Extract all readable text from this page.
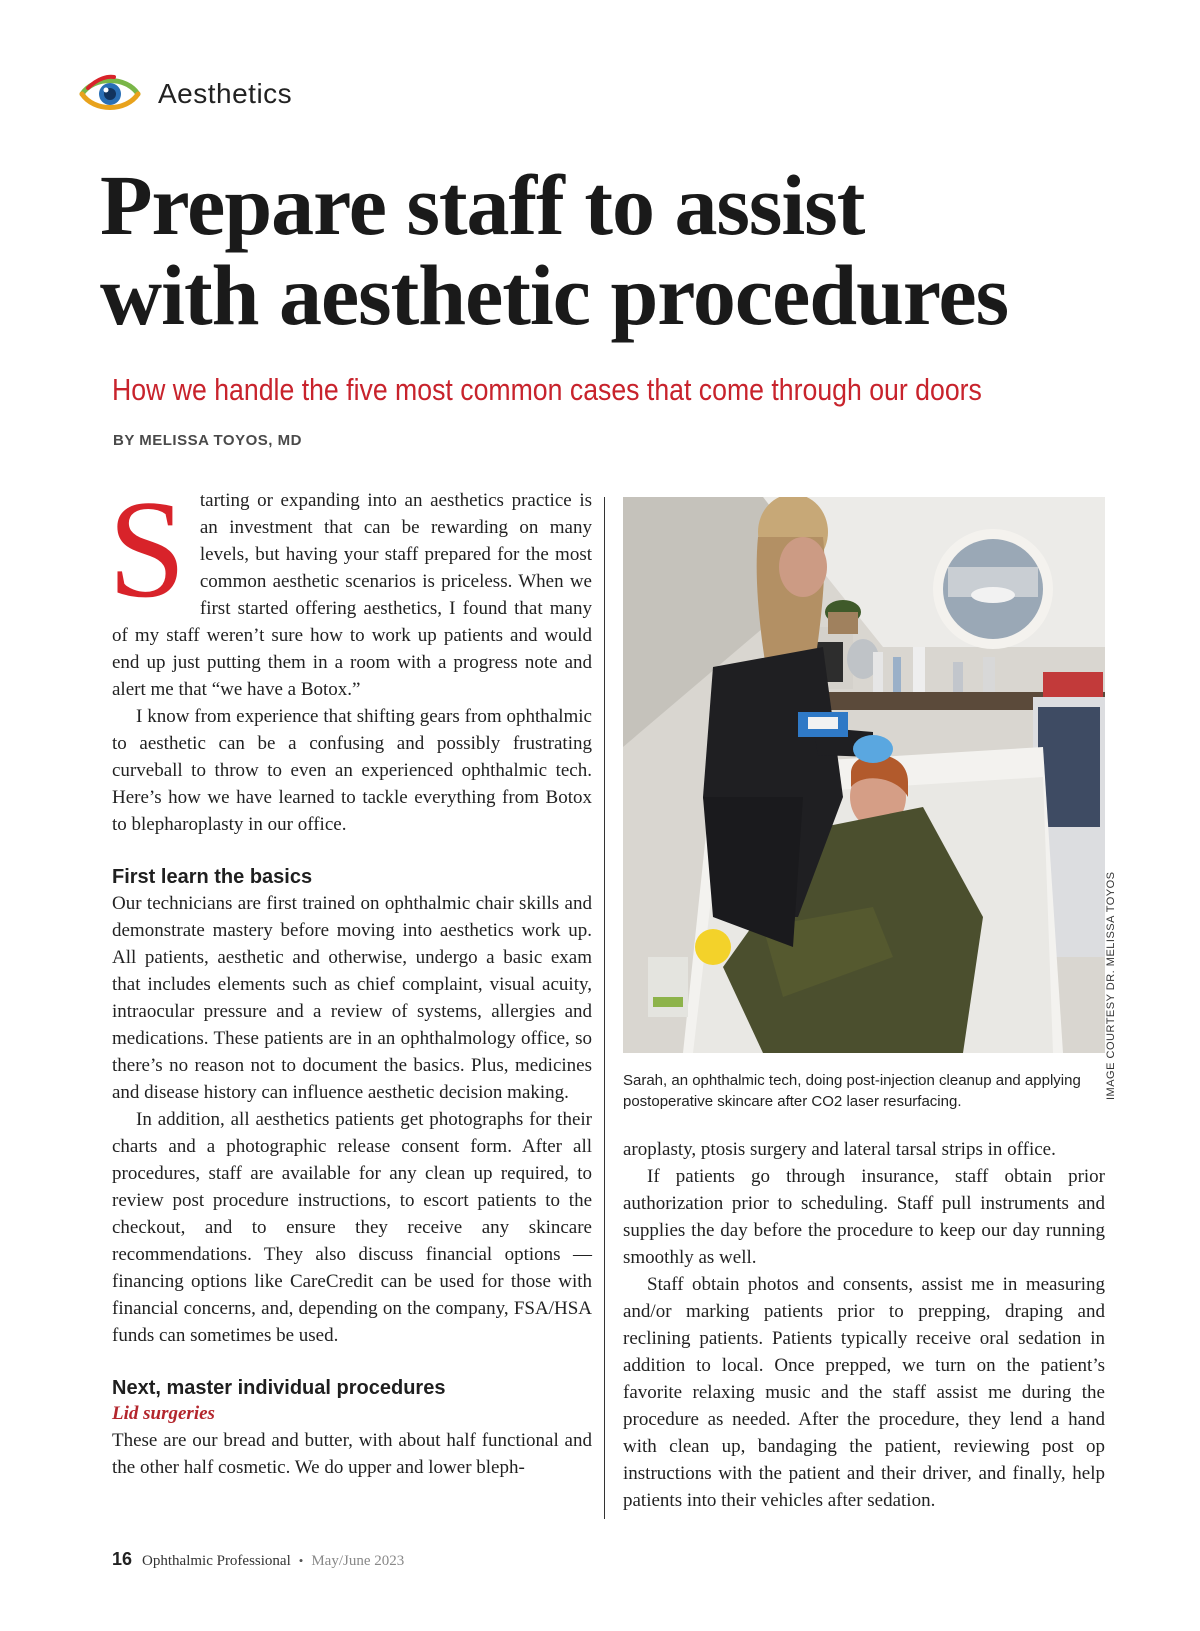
Aesthetics
Prepare staff to assist
with aesthetic procedures
How we handle the five most common cases that come through our doors
BY MELISSA TOYOS, MD

Starting or expanding into an aesthetics practice is an investment that can be rewarding on many levels, but having your staff prepared for the most common aesthetic scenarios is priceless. When we first started offering aesthetics, I found that many of my staff weren’t sure how to work up patients and would end up just putting them in a room with a progress note and alert me that “we have a Botox.”

I know from experience that shifting gears from ophthalmic to aesthetic can be a confusing and possibly frustrating curveball to throw to even an experienced ophthalmic tech. Here’s how we have learned to tackle everything from Botox to blepharoplasty in our office.

First learn the basics

Our technicians are first trained on ophthalmic chair skills and demonstrate mastery before moving into aesthetics work up. All patients, aesthetic and otherwise, undergo a basic exam that includes elements such as chief complaint, visual acuity, intraocular pressure and a review of systems, allergies and medications. These patients are in an ophthalmology office, so there’s no reason not to document the basics. Plus, medicines and disease history can influence aesthetic decision making.

In addition, all aesthetics patients get photographs for their charts and a photographic release consent form. After all procedures, staff are available for any clean up required, to review post procedure instructions, to escort patients to the checkout, and to ensure they receive any skincare recommendations. They also discuss financial options — financing options like CareCredit can be used for those with financial concerns, and, depending on the company, FSA/HSA funds can sometimes be used.

Next, master individual procedures
Lid surgeries

These are our bread and butter, with about half functional and the other half cosmetic. We do upper and lower bleph-

IMAGE COURTESY DR. MELISSA TOYOS
Sarah, an ophthalmic tech, doing post-injection cleanup and applying postoperative skincare after CO2 laser resurfacing.

aroplasty, ptosis surgery and lateral tarsal strips in office.

If patients go through insurance, staff obtain prior authorization prior to scheduling. Staff pull instruments and supplies the day before the procedure to keep our day running smoothly as well.

Staff obtain photos and consents, assist me in measuring and/or marking patients prior to prepping, draping and reclining patients. Patients typically receive oral sedation in addition to local. Once prepped, we turn on the patient’s favorite relaxing music and the staff assist me during the procedure as needed. After the procedure, they lend a hand with clean up, bandaging the patient, reviewing post op instructions with the patient and their driver, and finally, help patients into their vehicles after sedation.

16 Ophthalmic Professional • May/June 2023
